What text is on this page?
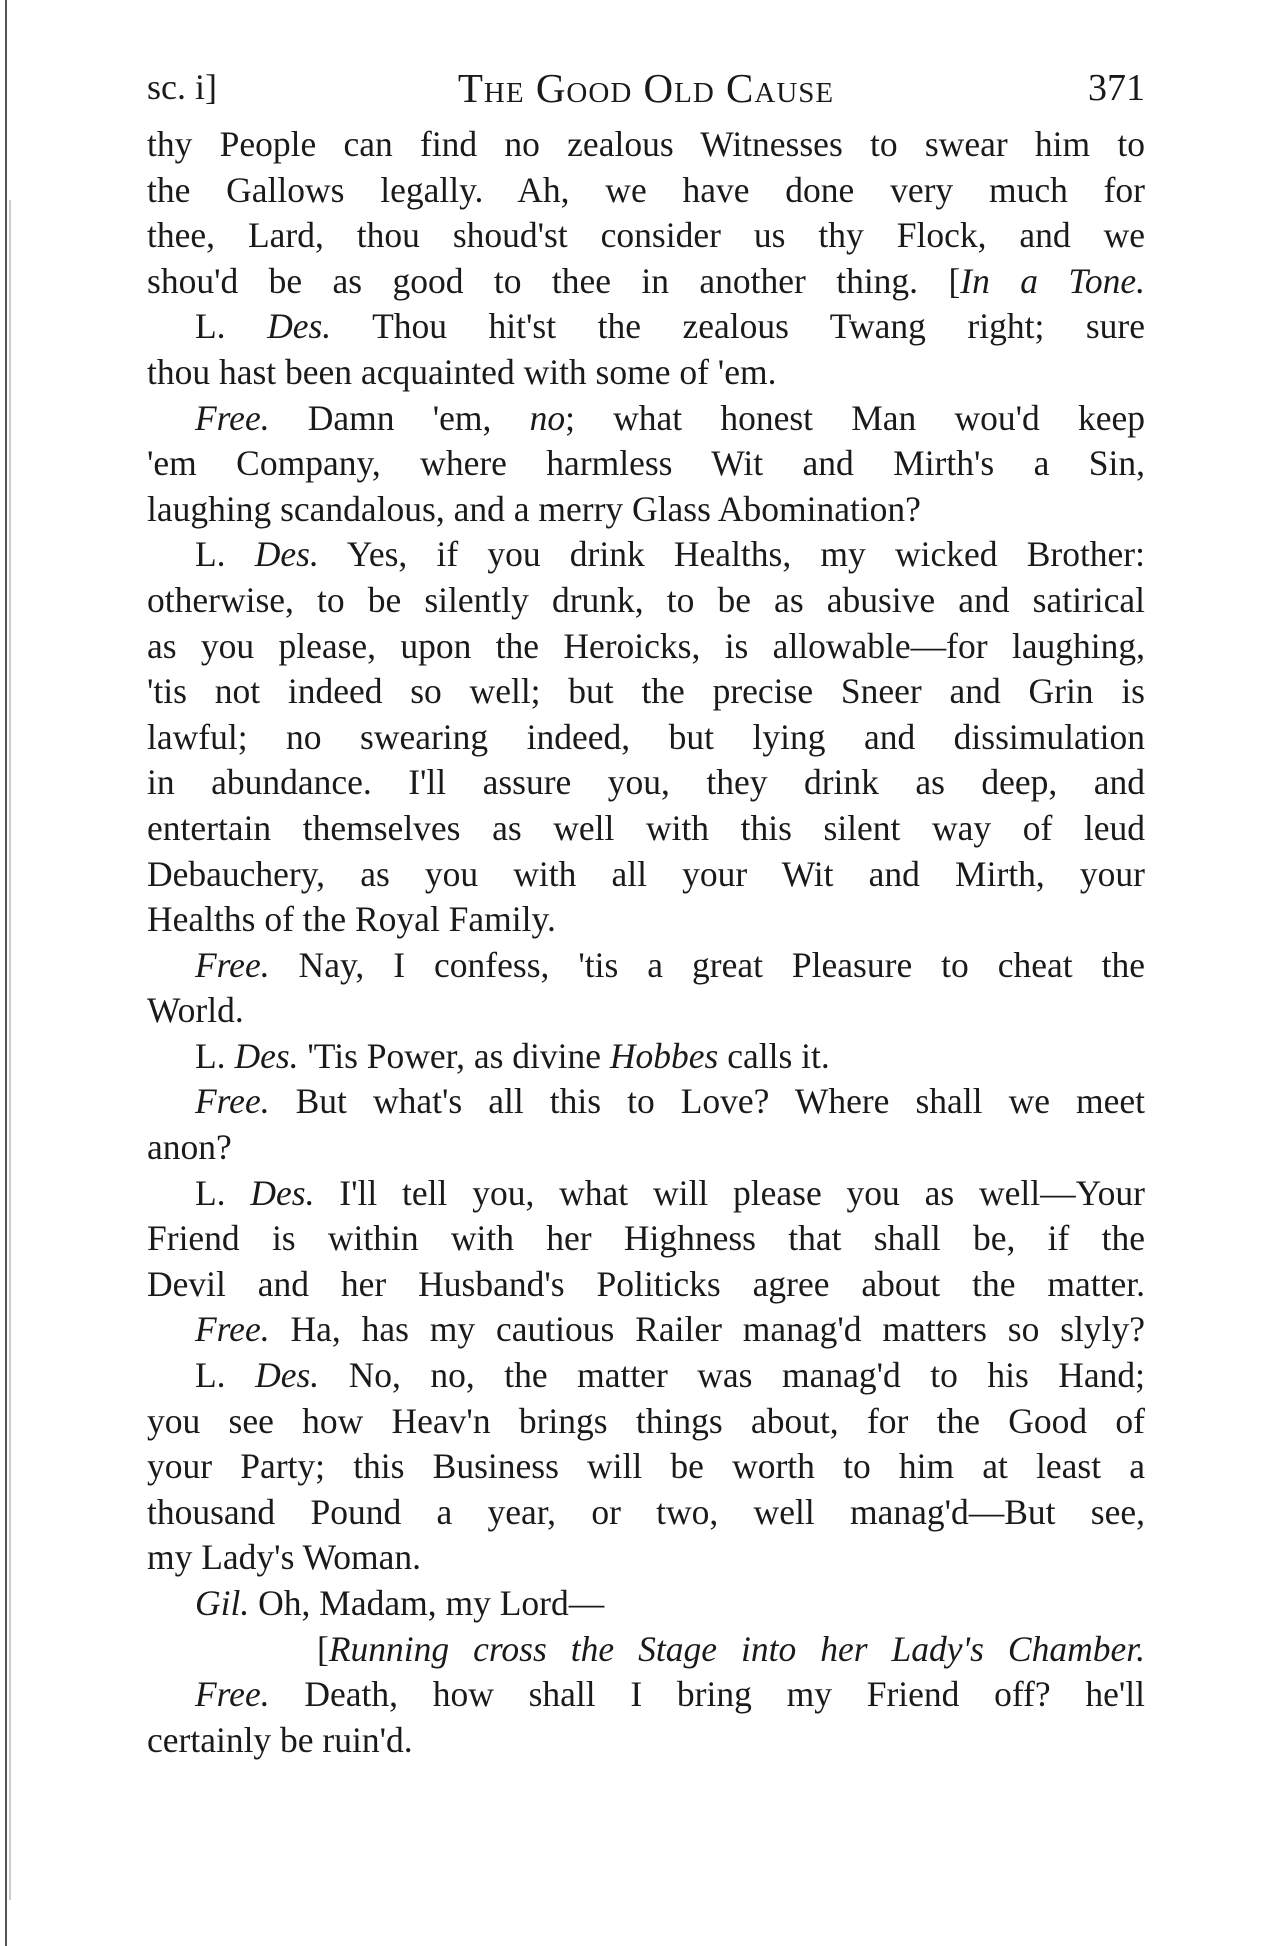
sc. i]	The Good Old Cause	371
thy People can find no zealous Witnesses to swear him to
the Gallows legally. Ah, we have done very much for
thee, Lard, thou shoud'st consider us thy Flock, and we
shou'd be as good to thee in another thing. [In a Tone.
L. Des. Thou hit'st the zealous Twang right; sure
thou hast been acquainted with some of 'em.
Free. Damn 'em, no; what honest Man wou'd keep
'em Company, where harmless Wit and Mirth's a Sin,
laughing scandalous, and a merry Glass Abomination?
L. Des. Yes, if you drink Healths, my wicked Brother:
otherwise, to be silently drunk, to be as abusive and satirical
as you please, upon the Heroicks, is allowable—for laughing,
'tis not indeed so well; but the precise Sneer and Grin is
lawful; no swearing indeed, but lying and dissimulation
in abundance. I'll assure you, they drink as deep, and
entertain themselves as well with this silent way of leud
Debauchery, as you with all your Wit and Mirth, your
Healths of the Royal Family.
Free. Nay, I confess, 'tis a great Pleasure to cheat the
World.
L. Des. 'Tis Power, as divine Hobbes calls it.
Free. But what's all this to Love? Where shall we meet
anon?
L. Des. I'll tell you, what will please you as well—Your
Friend is within with her Highness that shall be, if the
Devil and her Husband's Politicks agree about the matter.
Free. Ha, has my cautious Railer manag'd matters so slyly?
L. Des. No, no, the matter was manag'd to his Hand;
you see how Heav'n brings things about, for the Good of
your Party; this Business will be worth to him at least a
thousand Pound a year, or two, well manag'd—But see,
my Lady's Woman.
Gil. Oh, Madam, my Lord—
[Running cross the Stage into her Lady's Chamber.
Free. Death, how shall I bring my Friend off? he'll
certainly be ruin'd.
